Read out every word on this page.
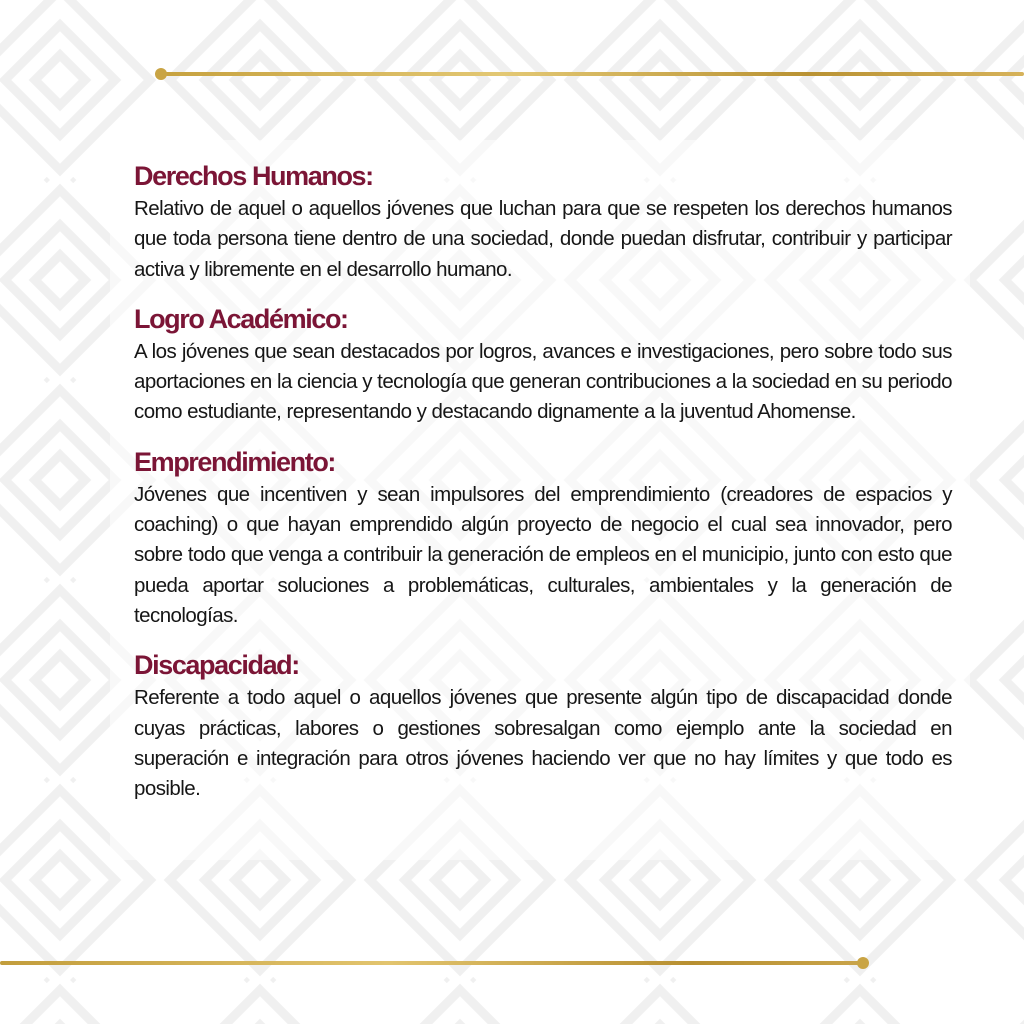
Derechos Humanos:

Relativo de aquel o aquellos jóvenes que luchan para que se respeten los derechos humanos que toda persona tiene dentro de una sociedad, donde puedan disfrutar, contribuir y participar activa y libremente en el desarrollo humano.

Logro Académico:

A los jóvenes que sean destacados por logros, avances e investigaciones, pero sobre todo sus aportaciones en la ciencia y tecnología que generan contribuciones a la sociedad en su periodo como estudiante, representando y destacando dignamente a la juventud Ahomense.

Emprendimiento:

Jóvenes que incentiven y sean impulsores del emprendimiento (creadores de espacios y coaching) o que hayan emprendido algún proyecto de negocio el cual sea innovador, pero sobre todo que venga a contribuir la generación de empleos en el municipio, junto con esto que pueda aportar soluciones a problemáticas, culturales, ambientales y la generación de tecnologías.

Discapacidad:

Referente a todo aquel o aquellos jóvenes que presente algún tipo de discapacidad donde cuyas prácticas, labores o gestiones sobresalgan como ejemplo ante la sociedad en superación e integración para otros jóvenes haciendo ver que no hay límites y que todo es posible.
